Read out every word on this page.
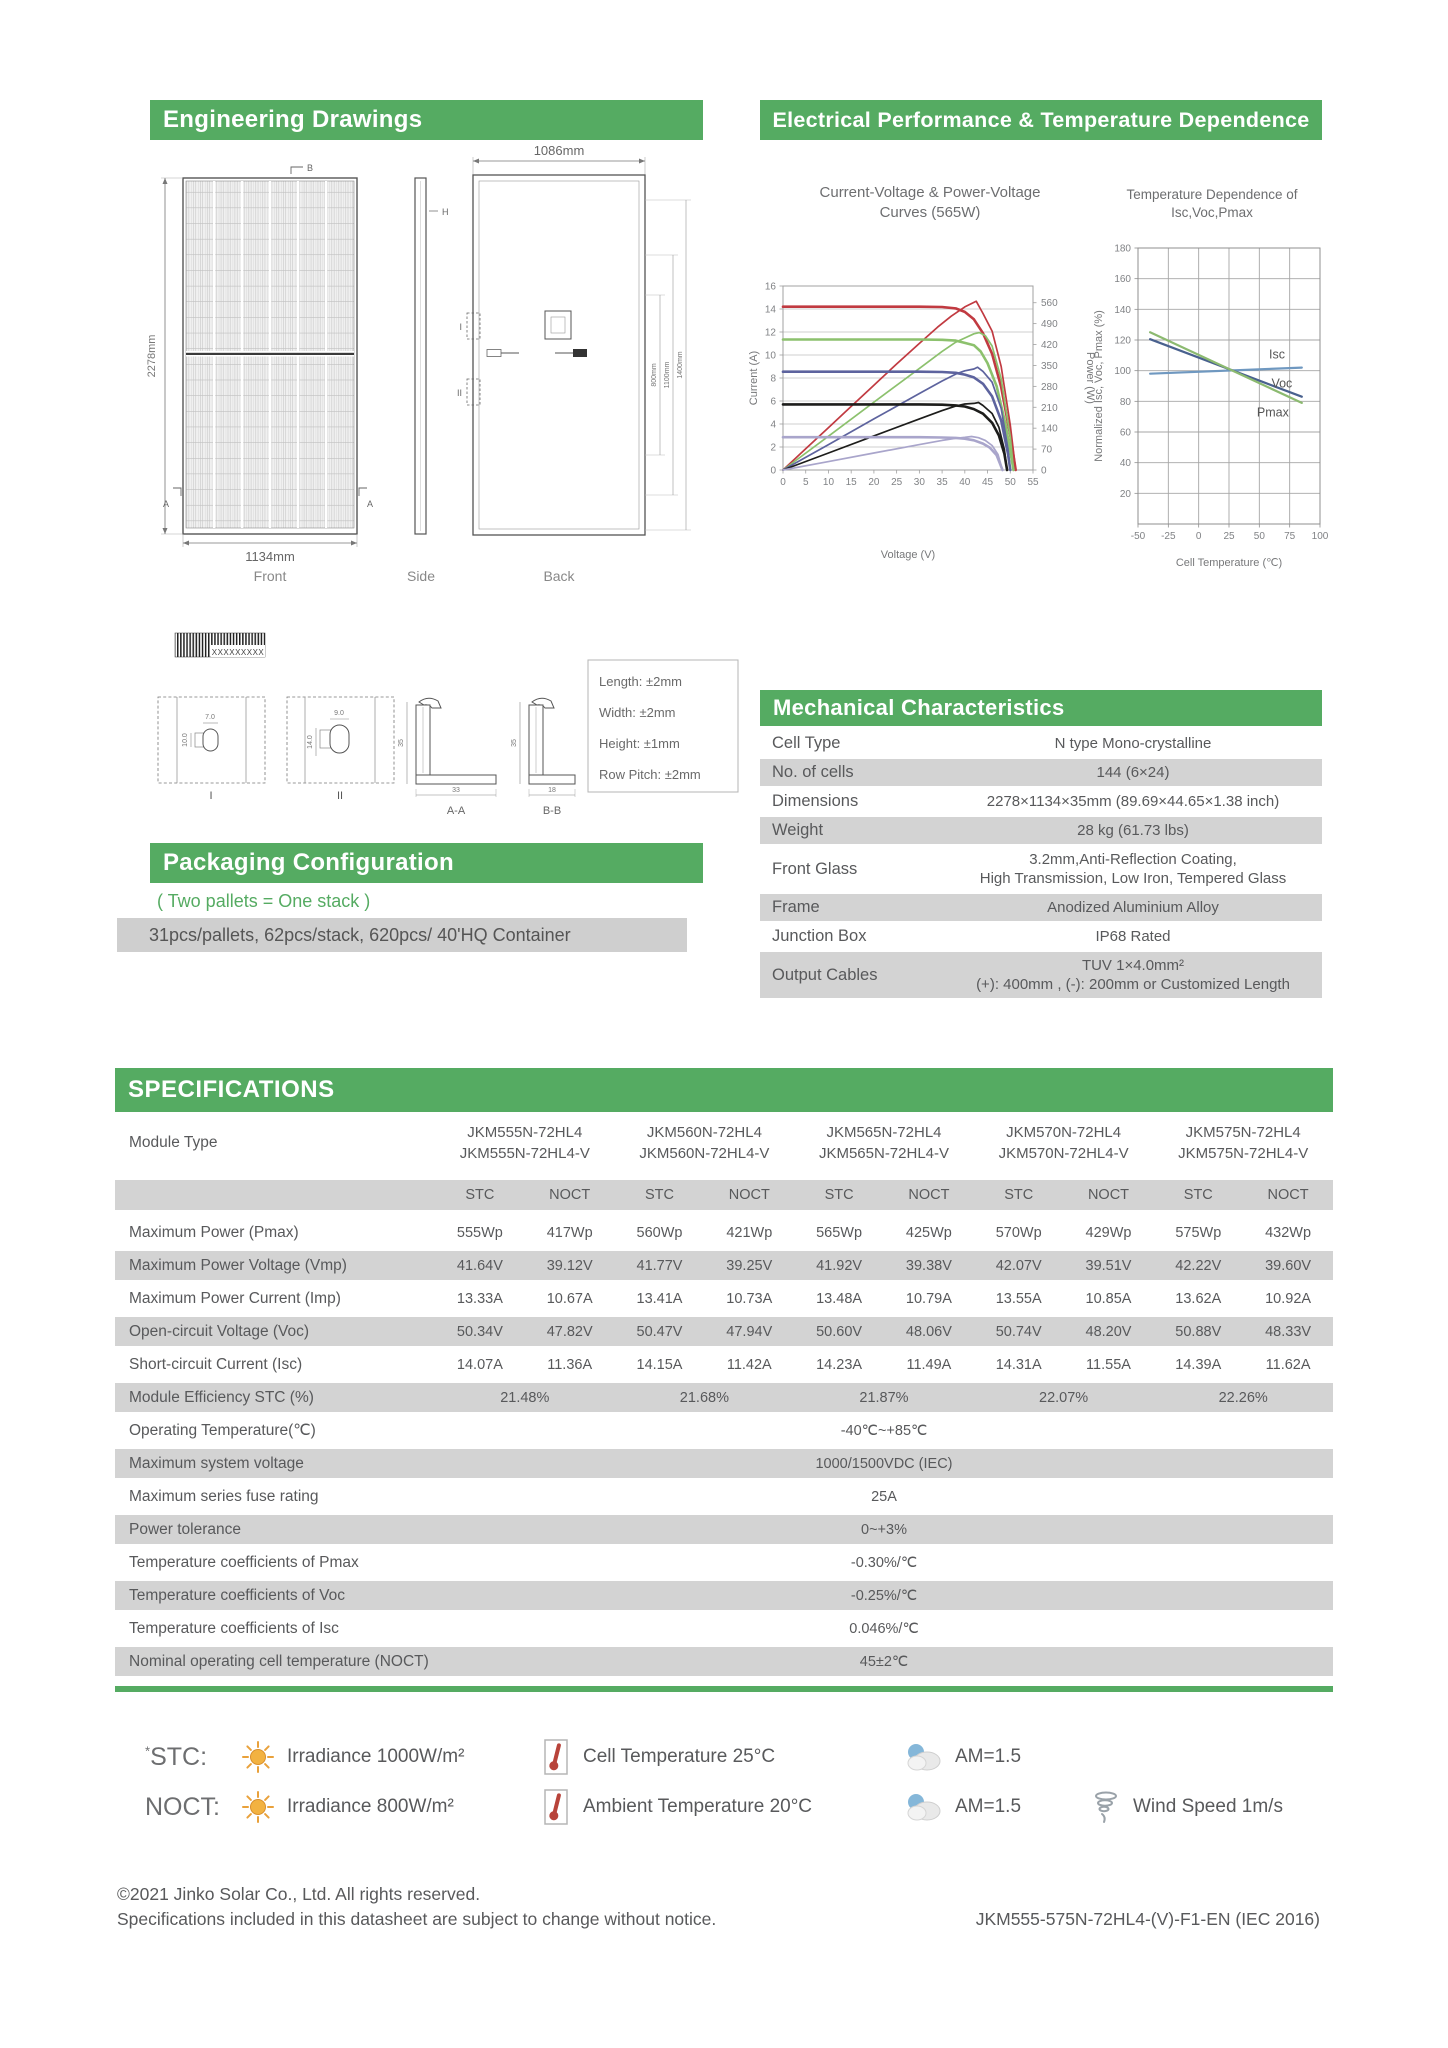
Engineering Drawings	Electrical Performance & Temperature Dependence
2278mm
1134mm
B
A	A
Front
H
Side
1086mm
I
II
800mm 1100mm 1400mm
Back
XXXXXXXXX
7.0
10.0
I
9.0
14.0
II
35
33
A-A
35
18
B-B
Length: ±2mm
Width: ±2mm
Height: ±1mm
Row Pitch: ±2mm
Current-Voltage & Power-Voltage
Curves (565W)
Temperature Dependence of
Isc,Voc,Pmax
0 5 10 15 20 25 30 35 40 45 50 55
0
2
4
6
8
10
12
14
16
0
70
140
210
280
350
420
490
560
Voltage (V)
Current (A)	Power (W)
-50 -25 0 25 50 75 100
20
40
60
80
100
120
140
160
180
Isc
Voc
Pmax
Cell Temperature (℃)
Normalized Isc, Voc, Pmax (%)
Mechanical Characteristics
Cell Type	N type Mono-crystalline
No. of cells	144 (6×24)
Dimensions	2278×1134×35mm (89.69×44.65×1.38 inch)
Weight	28 kg (61.73 lbs)
Front Glass	3.2mm,Anti-Reflection Coating,
High Transmission, Low Iron, Tempered Glass
Frame	Anodized Aluminium Alloy
Junction Box	IP68 Rated
Output Cables	TUV 1×4.0mm²
(+): 400mm , (-): 200mm or Customized Length
Packaging Configuration
( Two pallets = One stack )
31pcs/pallets, 62pcs/stack, 620pcs/ 40'HQ Container
SPECIFICATIONS
Module Type
JKM555N-72HL4
JKM555N-72HL4-V
JKM560N-72HL4
JKM560N-72HL4-V
JKM565N-72HL4
JKM565N-72HL4-V
JKM570N-72HL4
JKM570N-72HL4-V
JKM575N-72HL4
JKM575N-72HL4-V
STC	NOCT	STC	NOCT	STC	NOCT	STC	NOCT	STC	NOCT
Maximum Power (Pmax)	555Wp	417Wp	560Wp	421Wp	565Wp	425Wp	570Wp	429Wp	575Wp	432Wp
Maximum Power Voltage (Vmp)	41.64V	39.12V	41.77V	39.25V	41.92V	39.38V	42.07V	39.51V	42.22V	39.60V
Maximum Power Current (Imp)	13.33A	10.67A	13.41A	10.73A	13.48A	10.79A	13.55A	10.85A	13.62A	10.92A
Open-circuit Voltage (Voc)	50.34V	47.82V	50.47V	47.94V	50.60V	48.06V	50.74V	48.20V	50.88V	48.33V
Short-circuit Current (Isc)	14.07A	11.36A	14.15A	11.42A	14.23A	11.49A	14.31A	11.55A	14.39A	11.62A
Module Efficiency STC (%)	21.48%	21.68%	21.87%	22.07%	22.26%
Operating Temperature(℃)	-40℃~+85℃
Maximum system voltage	1000/1500VDC (IEC)
Maximum series fuse rating	25A
Power tolerance	0~+3%
Temperature coefficients of Pmax	-0.30%/℃
Temperature coefficients of Voc	-0.25%/℃
Temperature coefficients of Isc	0.046%/℃
Nominal operating cell temperature (NOCT)	45±2℃
*STC:	Irradiance 1000W/m²	Cell Temperature 25°C	AM=1.5
NOCT:	Irradiance 800W/m²	Ambient Temperature 20°C	AM=1.5	Wind Speed 1m/s
©2021 Jinko Solar Co., Ltd. All rights reserved.
Specifications included in this datasheet are subject to change without notice.	JKM555-575N-72HL4-(V)-F1-EN (IEC 2016)
